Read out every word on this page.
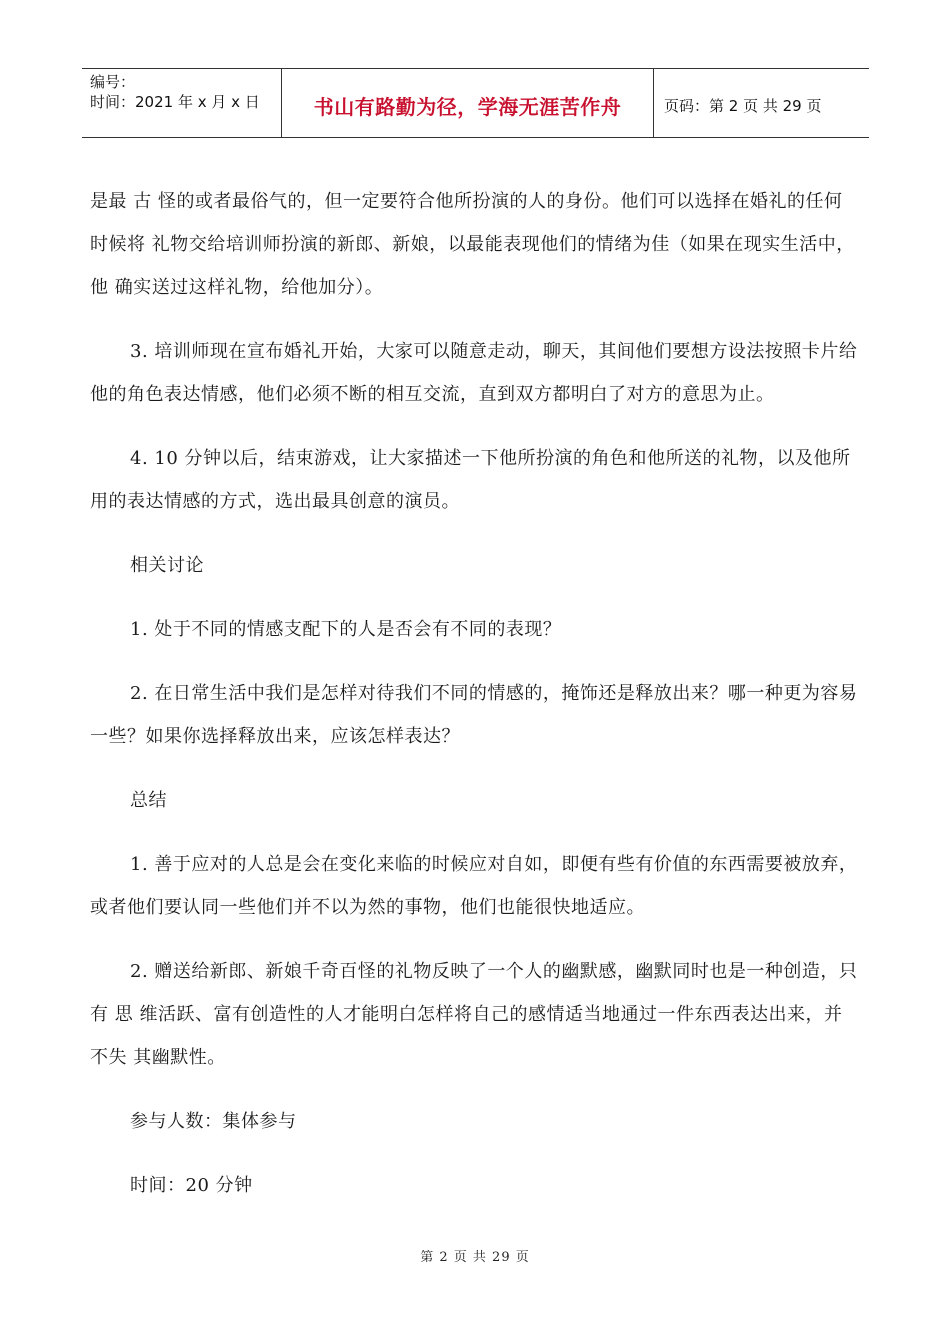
编号：
时间：2021 年 x 月 x 日	书山有路勤为径，学海无涯苦作舟	页码：第 2 页 共 29 页

是最 古 怪的或者最俗气的，但一定要符合他所扮演的人的身份。他们可以选择在婚礼的任何时候将 礼物交给培训师扮演的新郎、新娘，以最能表现他们的情绪为佳（如果在现实生活中，他 确实送过这样礼物，给他加分）。

3. 培训师现在宣布婚礼开始，大家可以随意走动，聊天，其间他们要想方设法按照卡片给 他的角色表达情感，他们必须不断的相互交流，直到双方都明白了对方的意思为止。

4. 10 分钟以后，结束游戏，让大家描述一下他所扮演的角色和他所送的礼物，以及他所 用的表达情感的方式，选出最具创意的演员。

相关讨论

1. 处于不同的情感支配下的人是否会有不同的表现？

2. 在日常生活中我们是怎样对待我们不同的情感的，掩饰还是释放出来？哪一种更为容易 一些？如果你选择释放出来，应该怎样表达？

总结

1. 善于应对的人总是会在变化来临的时候应对自如，即便有些有价值的东西需要被放弃， 或者他们要认同一些他们并不以为然的事物，他们也能很快地适应。

2. 赠送给新郎、新娘千奇百怪的礼物反映了一个人的幽默感，幽默同时也是一种创造，只有 思 维活跃、富有创造性的人才能明白怎样将自己的感情适当地通过一件东西表达出来，并不失 其幽默性。

参与人数：集体参与

时间：20 分钟

第 2 页 共 29 页
